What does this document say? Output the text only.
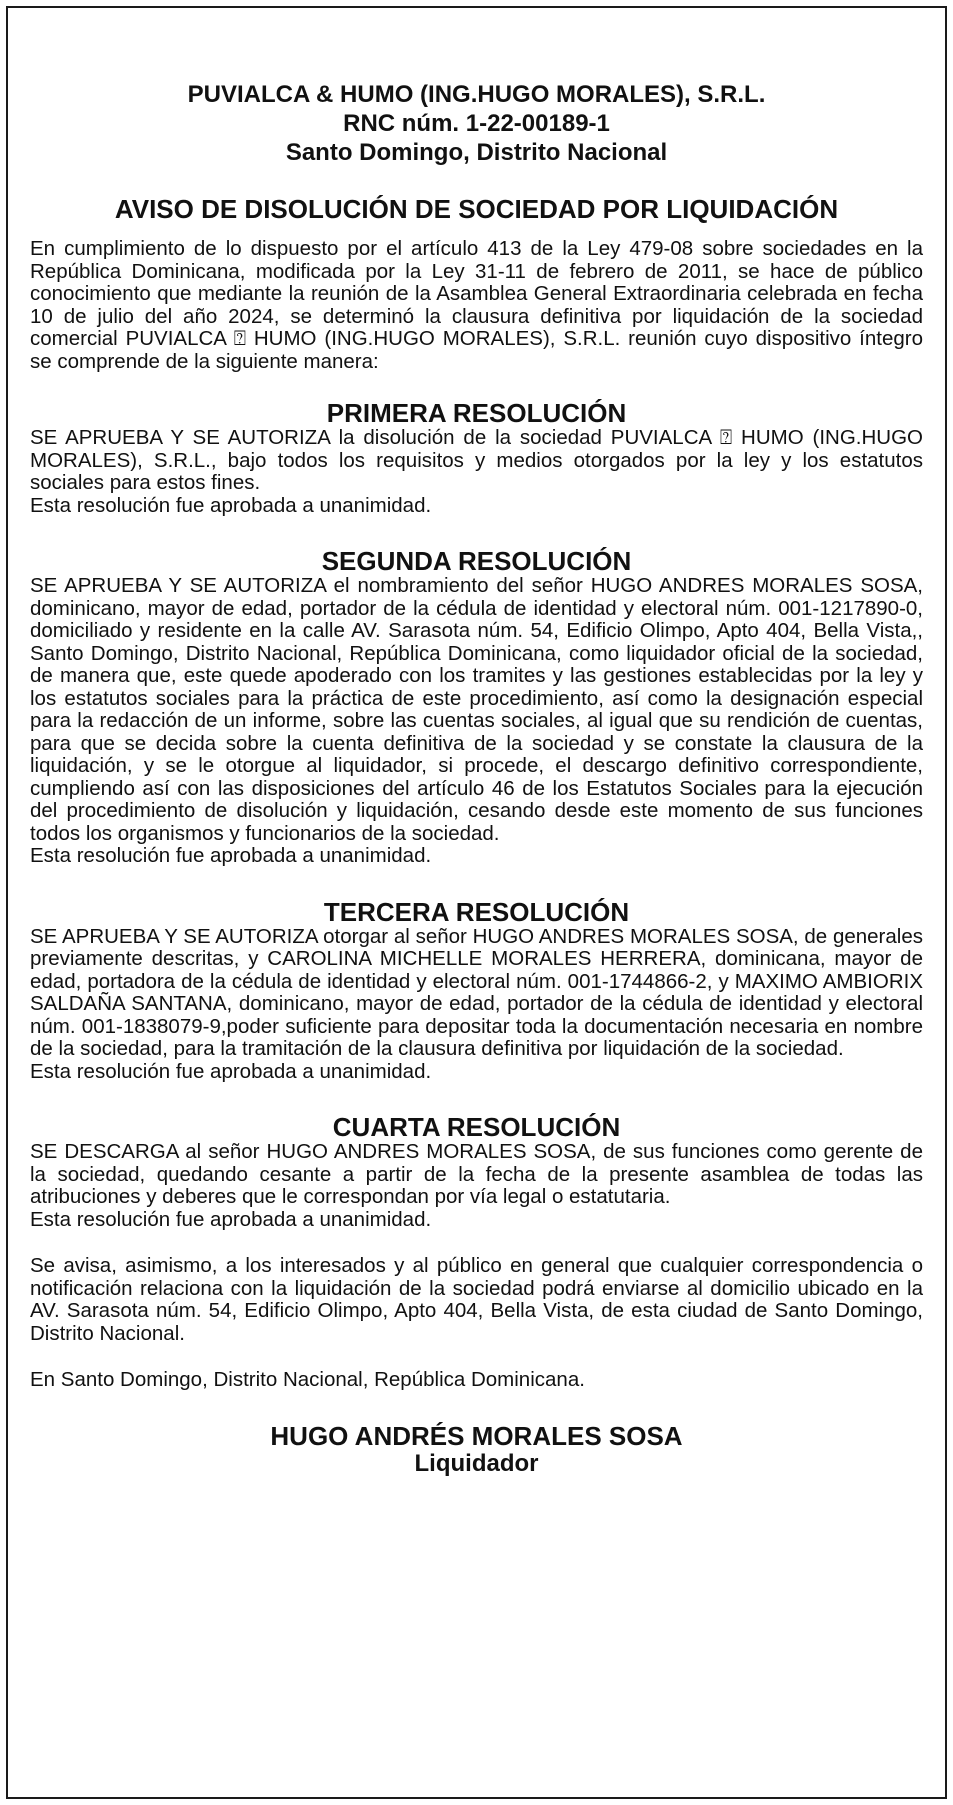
PUVIALCA & HUMO (ING.HUGO MORALES), S.R.L.
RNC núm. 1-22-00189-1
Santo Domingo, Distrito Nacional
AVISO DE DISOLUCIÓN DE SOCIEDAD POR LIQUIDACIÓN

En cumplimiento de lo dispuesto por el artículo 413 de la Ley 479-08 sobre sociedades en la República Dominicana, modificada por la Ley 31-11 de febrero de 2011, se hace de público conocimiento que mediante la reunión de la Asamblea General Extraordinaria celebrada en fecha 10 de julio del año 2024, se determinó la clausura definitiva por liquidación de la sociedad comercial PUVIALCA ⍰ HUMO (ING.HUGO MORALES), S.R.L. reunión cuyo dispositivo íntegro se comprende de la siguiente manera:

PRIMERA RESOLUCIÓN

SE APRUEBA Y SE AUTORIZA la disolución de la sociedad PUVIALCA ⍰ HUMO (ING.HUGO MORALES), S.R.L., bajo todos los requisitos y medios otorgados por la ley y los estatutos sociales para estos fines.

Esta resolución fue aprobada a unanimidad.

SEGUNDA RESOLUCIÓN

SE APRUEBA Y SE AUTORIZA el nombramiento del señor HUGO ANDRES MORALES SOSA, dominicano, mayor de edad, portador de la cédula de identidad y electoral núm. 001-1217890-0, domiciliado y residente en la calle AV. Sarasota núm. 54, Edificio Olimpo, Apto 404, Bella Vista,, Santo Domingo, Distrito Nacional, República Dominicana, como liquidador oficial de la sociedad, de manera que, este quede apoderado con los tramites y las gestiones establecidas por la ley y los estatutos sociales para la práctica de este procedimiento, así como la designación especial para la redacción de un informe, sobre las cuentas sociales, al igual que su rendición de cuentas, para que se decida sobre la cuenta definitiva de la sociedad y se constate la clausura de la liquidación, y se le otorgue al liquidador, si procede, el descargo definitivo correspondiente, cumpliendo así con las disposiciones del artículo 46 de los Estatutos Sociales para la ejecución del procedimiento de disolución y liquidación, cesando desde este momento de sus funciones todos los organismos y funcionarios de la sociedad.

Esta resolución fue aprobada a unanimidad.

TERCERA RESOLUCIÓN

SE APRUEBA Y SE AUTORIZA otorgar al señor HUGO ANDRES MORALES SOSA, de generales previamente descritas, y CAROLINA MICHELLE MORALES HERRERA, dominicana, mayor de edad, portadora de la cédula de identidad y electoral núm. 001-1744866-2, y MAXIMO AMBIORIX SALDAÑA SANTANA, dominicano, mayor de edad, portador de la cédula de identidad y electoral núm. 001-1838079-9,poder suficiente para depositar toda la documentación necesaria en nombre de la sociedad, para la tramitación de la clausura definitiva por liquidación de la sociedad.

Esta resolución fue aprobada a unanimidad.

CUARTA RESOLUCIÓN

SE DESCARGA al señor HUGO ANDRES MORALES SOSA, de sus funciones como gerente de la sociedad, quedando cesante a partir de la fecha de la presente asamblea de todas las atribuciones y deberes que le correspondan por vía legal o estatutaria.

Esta resolución fue aprobada a unanimidad.

Se avisa, asimismo, a los interesados y al público en general que cualquier correspondencia o notificación relaciona con la liquidación de la sociedad podrá enviarse al domicilio ubicado en la AV. Sarasota núm. 54, Edificio Olimpo, Apto 404, Bella Vista, de esta ciudad de Santo Domingo, Distrito Nacional.

En Santo Domingo, Distrito Nacional, República Dominicana.

HUGO ANDRÉS MORALES SOSA
Liquidador
